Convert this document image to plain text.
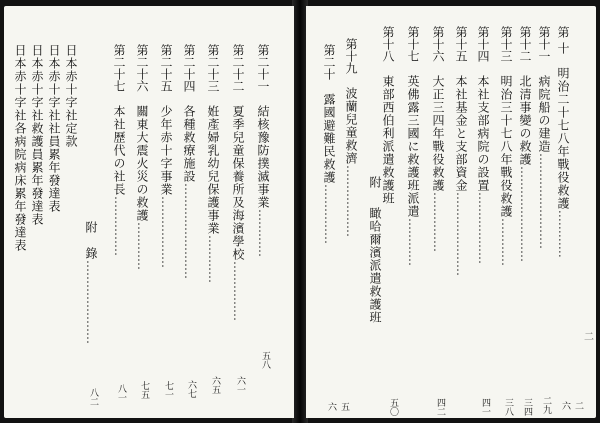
二
第 十　明治二十七八年戰役救護…………
二六
第十一　病院船の建造……………………
二九
第十二　北清事變の救護……………………
三四
第十三　明治三十七八年戰役救護…………
三八
第十四　本社支部病院の設置………………
四一
第十五　本社基金と支部資金…………………
第十六　大正三四年戰役救護……………
四二
第十七　英佛露三國に救護班派遣…………
第十八　東部西伯利派遣救護班
附 　瞰哈爾濱派遣救護班
五〇
第十九　波蘭兒童救濟………………
第二十　露國避難民救護……………
五六
第二十一　結核豫防撲滅事業…………
五八
第二十二　夏季兒童保養所及海濱學校……………
六一
第二十三　姙產婦乳幼兒保護事業…………
六五
第二十四　各種救療施設……………………
六七
第二十五　少年赤十字事業………………
七一
第二十六　關東大震火災の救護…………
七五
第二十七　本社歷代の社長……………
八一
附　錄…………………
八二
日本赤十字社定款
日本赤十字社社員累年發達表
日本赤十字社救護員累年發達表
日本赤十字社各病院病床累年發達表
